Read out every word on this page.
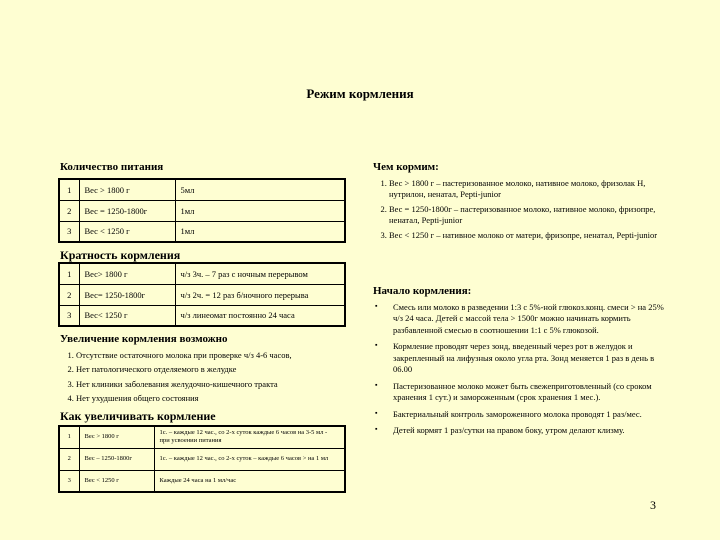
Режим кормления
Количество питания
1	Вес > 1800 г	5мл
2	Вес = 1250-1800г	1мл
3	Вес < 1250 г	1мл
Кратность кормления
1	Вес> 1800 г	ч/з 3ч. – 7 раз с ночным перерывом
2	Вес= 1250-1800г	ч/з 2ч. = 12 раз б/ночного перерыва
3	Вес< 1250 г	ч/з линеомат постоянно 24 часа
Увеличение кормления возможно
1. Отсутствие остаточного молока при проверке ч/з 4-6 часов,
2. Нет патологического отделяемого в желудке
3. Нет клиники заболевания желудочно-кишечного тракта
4. Нет ухудшения общего состояния
Как увеличивать кормление
1	Вес > 1800 г	1с. – каждые 12 час., со 2-х суток каждые 6 часов на 3-5 мл - при усвоении питания
2	Вес – 1250-1800г	1с. – каждые 12 час., со 2-х суток – каждые 6 часов > на 1 мл
3	Вес < 1250 г	Каждые 24 часа на 1 мл/час
Чем кормим:
1. Вес > 1800 г – пастеризованное молоко, нативное молоко, фризолак Н, нутрилон, ненатал, Pepti-junior
2. Вес = 1250-1800г – пастеризованное молоко, нативное молоко, фризопре, ненатал, Pepti-junior
3. Вес < 1250 г – нативное молоко от матери, фризопре, ненатал, Pepti-junior
Начало кормления:
▪ Смесь или молоко в разведении 1:3 с 5%-ной глюкоз.конц. смеси > на 25% ч/з 24 часа. Детей с массой тела > 1500г можно начинать кормить разбавленной смесью в соотношении 1:1 с 5% глюкозой.
▪ Кормление проводят через зонд, введенный через рот в желудок и закрепленный на лифузныя около угла рта. Зонд меняется 1 раз в день в 06.00
▪ Пастеризованное молоко может быть свежеприготовленный (со сроком хранения 1 сут.) и замороженным (срок хранения 1 мес.).
▪ Бактериальный контроль замороженного молока проводят 1 раз/мес.
▪ Детей кормят 1 раз/сутки на правом боку, утром делают клизму.
3
